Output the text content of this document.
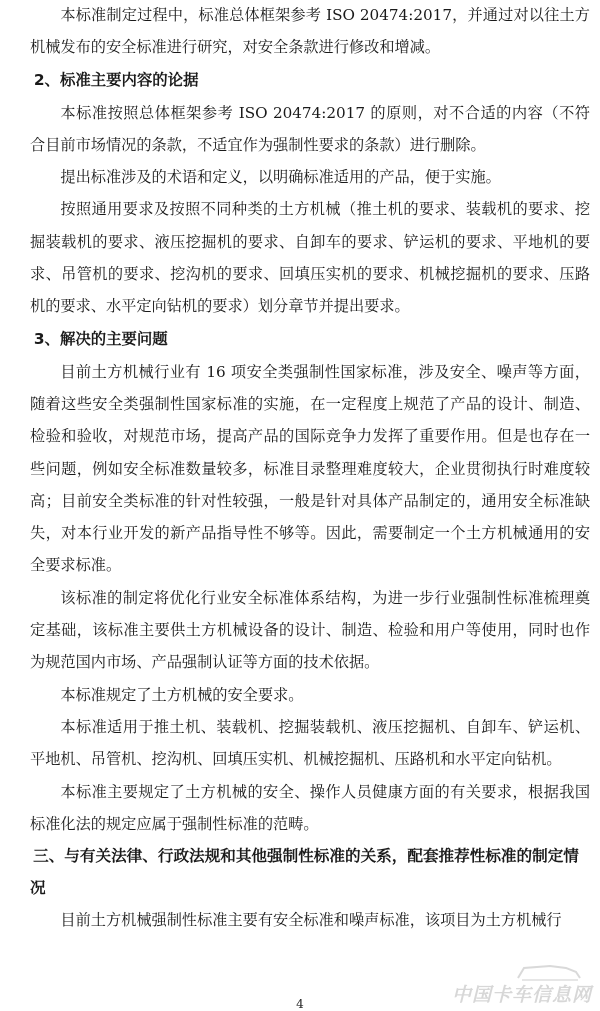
本标准制定过程中，标准总体框架参考 ISO 20474:2017，并通过对以往土方机械发布的安全标准进行研究，对安全条款进行修改和增减。

2、标准主要内容的论据

本标准按照总体框架参考 ISO 20474:2017 的原则，对不合适的内容（不符合目前市场情况的条款，不适宜作为强制性要求的条款）进行删除。

提出标准涉及的术语和定义，以明确标准适用的产品，便于实施。

按照通用要求及按照不同种类的土方机械（推土机的要求、装载机的要求、挖掘装载机的要求、液压挖掘机的要求、自卸车的要求、铲运机的要求、平地机的要求、吊管机的要求、挖沟机的要求、回填压实机的要求、机械挖掘机的要求、压路机的要求、水平定向钻机的要求）划分章节并提出要求。

3、解决的主要问题

目前土方机械行业有 16 项安全类强制性国家标准，涉及安全、噪声等方面，随着这些安全类强制性国家标准的实施，在一定程度上规范了产品的设计、制造、检验和验收，对规范市场，提高产品的国际竞争力发挥了重要作用。但是也存在一些问题，例如安全标准数量较多，标准目录整理难度较大，企业贯彻执行时难度较高；目前安全类标准的针对性较强，一般是针对具体产品制定的，通用安全标准缺失，对本行业开发的新产品指导性不够等。因此，需要制定一个土方机械通用的安全要求标准。

该标准的制定将优化行业安全标准体系结构，为进一步行业强制性标准梳理奠定基础，该标准主要供土方机械设备的设计、制造、检验和用户等使用，同时也作为规范国内市场、产品强制认证等方面的技术依据。

本标准规定了土方机械的安全要求。

本标准适用于推土机、装载机、挖掘装载机、液压挖掘机、自卸车、铲运机、平地机、吊管机、挖沟机、回填压实机、机械挖掘机、压路机和水平定向钻机。

本标准主要规定了土方机械的安全、操作人员健康方面的有关要求，根据我国标准化法的规定应属于强制性标准的范畴。

三、与有关法律、行政法规和其他强制性标准的关系，配套推荐性标准的制定情况

目前土方机械强制性标准主要有安全标准和噪声标准，该项目为土方机械行

4	中国卡车信息网
